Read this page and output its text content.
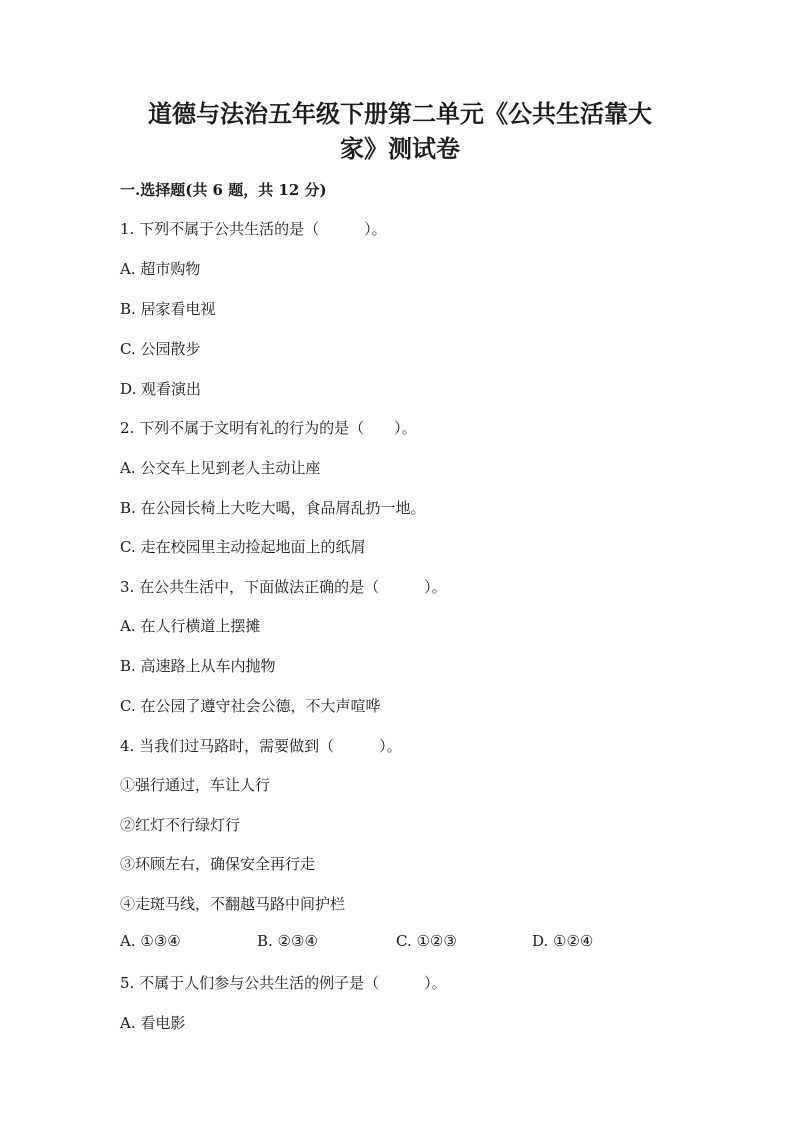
道德与法治五年级下册第二单元《公共生活靠大
家》测试卷
一.选择题(共 6 题，共 12 分)
1. 下列不属于公共生活的是（　　　）。
A. 超市购物
B. 居家看电视
C. 公园散步
D. 观看演出
2. 下列不属于文明有礼的行为的是（　　）。
A. 公交车上见到老人主动让座
B. 在公园长椅上大吃大喝，食品屑乱扔一地。
C. 走在校园里主动捡起地面上的纸屑
3. 在公共生活中，下面做法正确的是（　　　）。
A. 在人行横道上摆摊
B. 高速路上从车内抛物
C. 在公园了遵守社会公德，不大声喧哗
4. 当我们过马路时，需要做到（　　　）。
①强行通过，车让人行
②红灯不行绿灯行
③环顾左右，确保安全再行走
④走斑马线，不翻越马路中间护栏
A. ①③④	B. ②③④	C. ①②③	D. ①②④
5. 不属于人们参与公共生活的例子是（　　　）。
A. 看电影
